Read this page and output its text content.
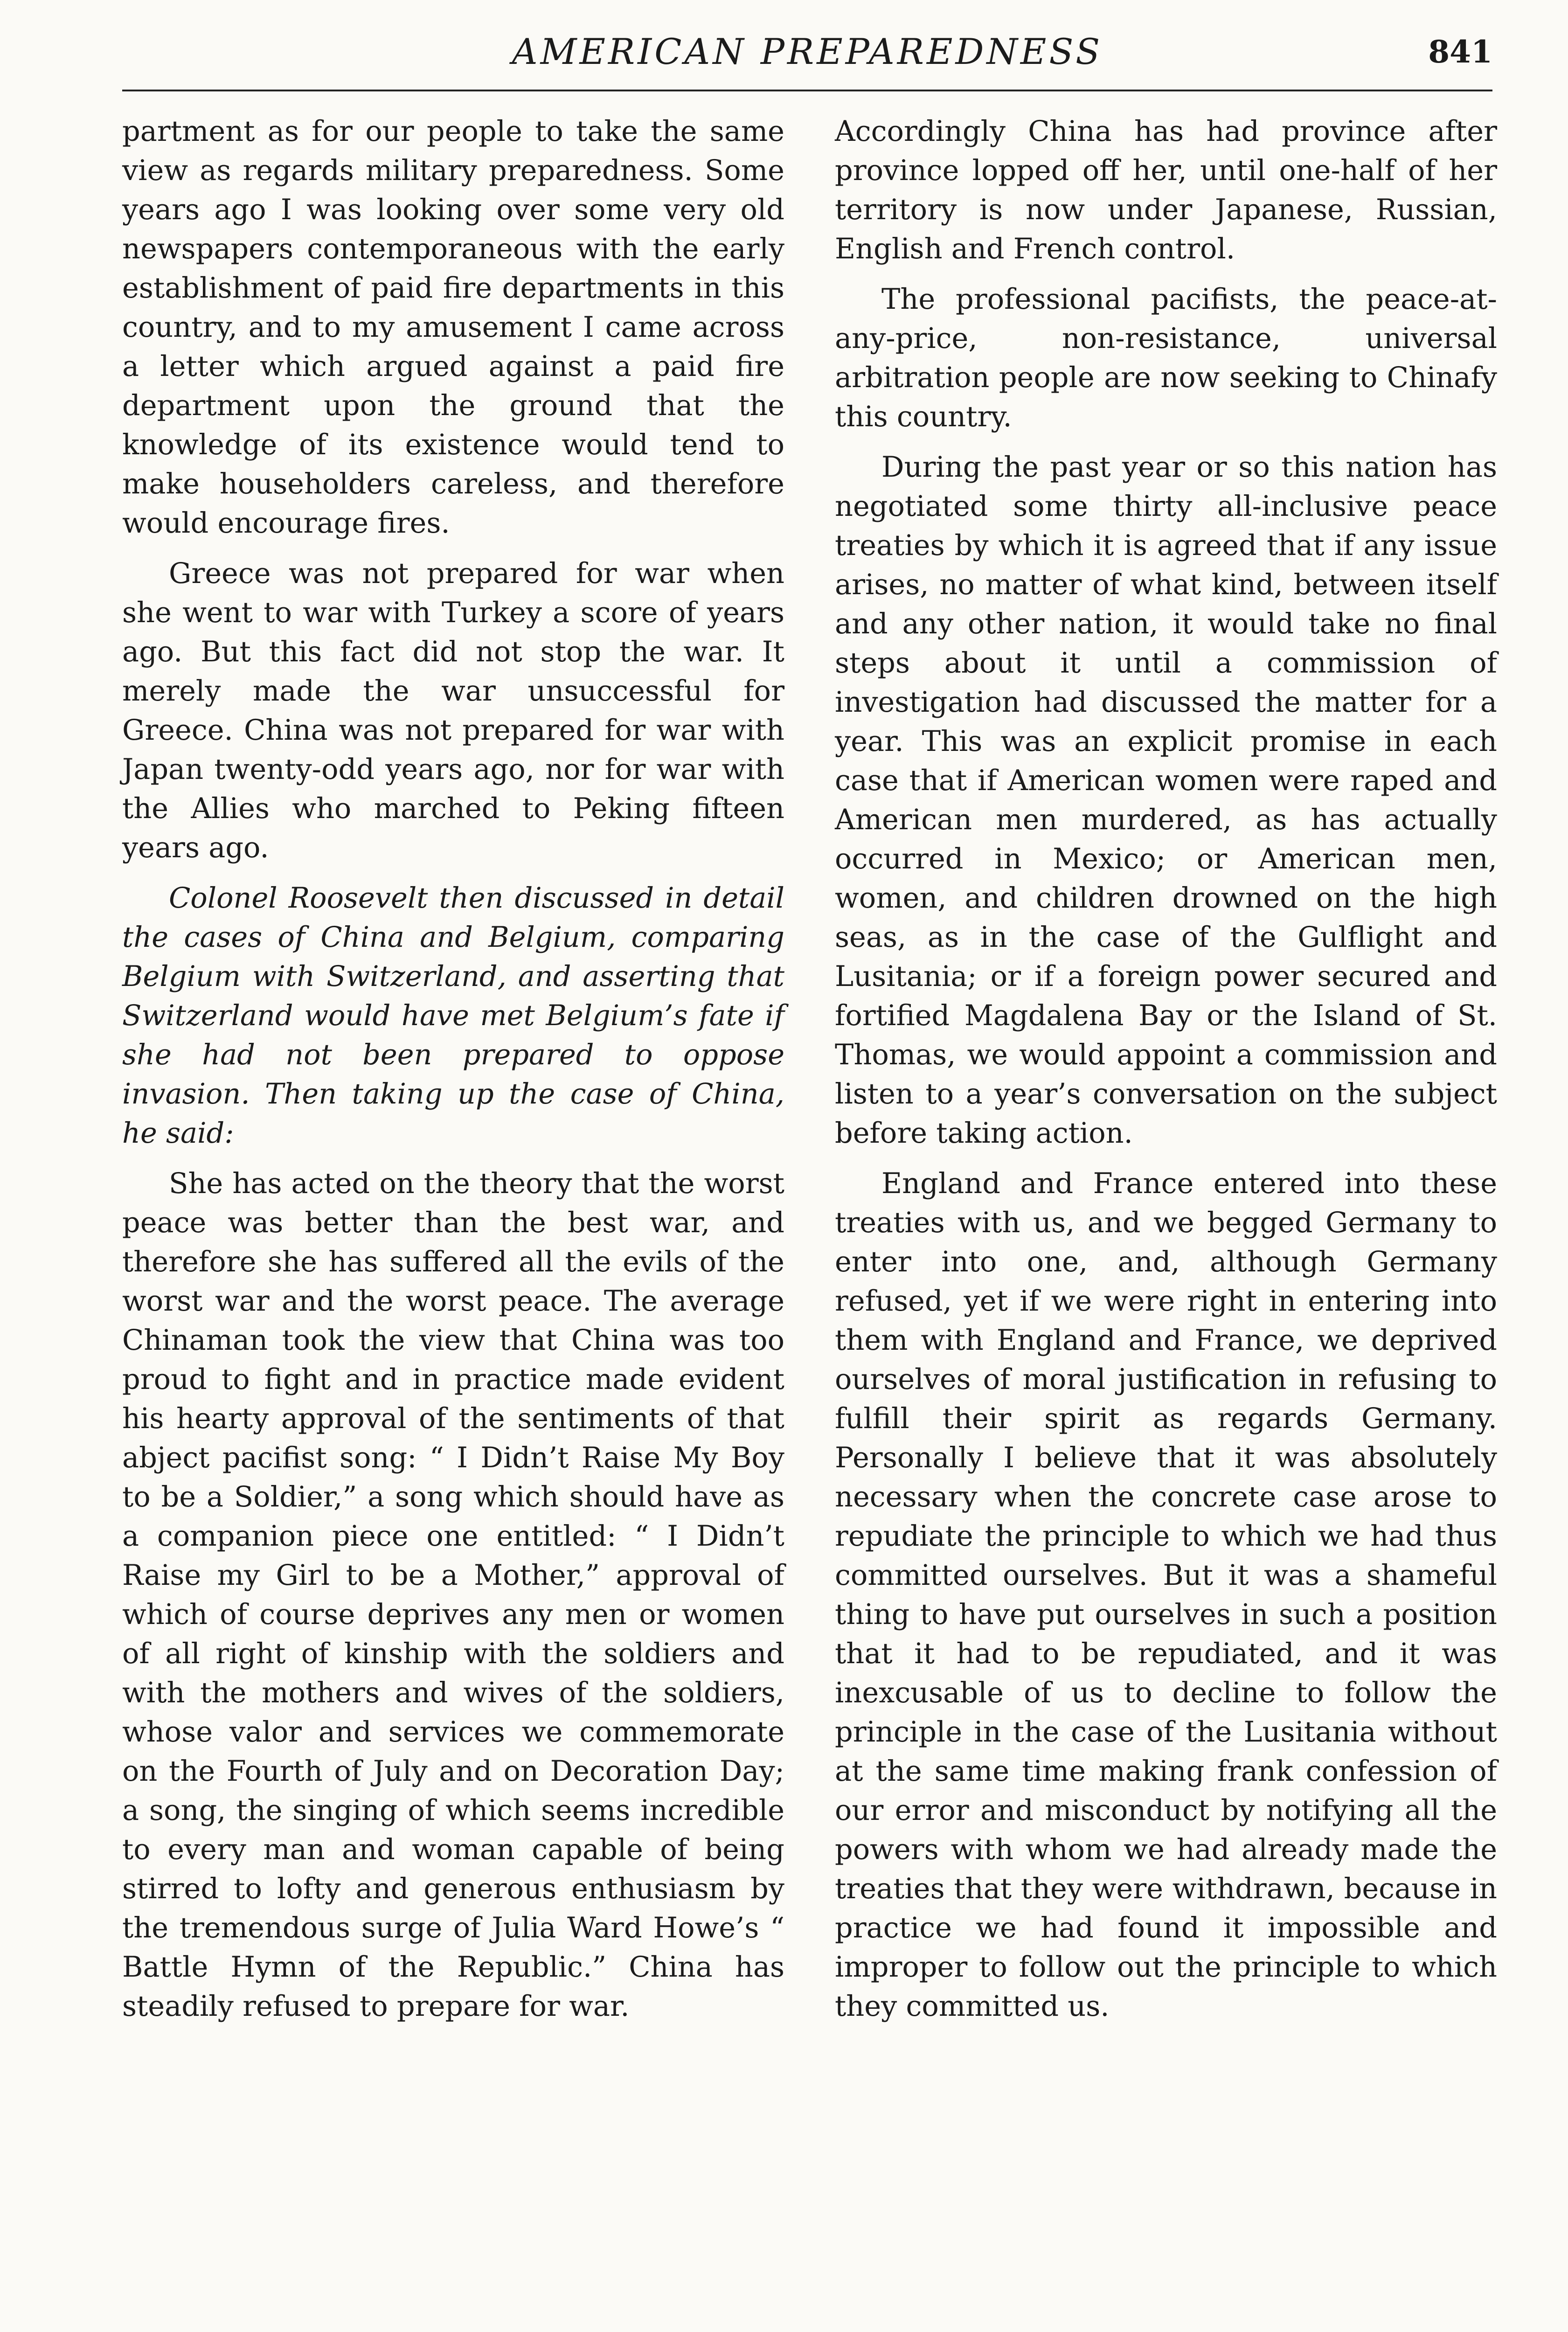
AMERICAN PREPAREDNESS	841

partment as for our people to take the same view as regards military preparedness. Some years ago I was looking over some very old newspapers contemporaneous with the early establishment of paid fire departments in this country, and to my amusement I came across a letter which argued against a paid fire department upon the ground that the knowledge of its existence would tend to make householders careless, and therefore would encourage fires.

Greece was not prepared for war when she went to war with Turkey a score of years ago. But this fact did not stop the war. It merely made the war unsuccessful for Greece. China was not prepared for war with Japan twenty-odd years ago, nor for war with the Allies who marched to Peking fifteen years ago.

Colonel Roosevelt then discussed in detail the cases of China and Belgium, comparing Belgium with Switzerland, and asserting that Switzerland would have met Belgium’s fate if she had not been prepared to oppose invasion. Then taking up the case of China, he said:

She has acted on the theory that the worst peace was better than the best war, and therefore she has suffered all the evils of the worst war and the worst peace. The average Chinaman took the view that China was too proud to fight and in practice made evident his hearty approval of the sentiments of that abject pacifist song: “ I Didn’t Raise My Boy to be a Soldier,” a song which should have as a companion piece one entitled: “ I Didn’t Raise my Girl to be a Mother,” approval of which of course deprives any men or women of all right of kinship with the soldiers and with the mothers and wives of the soldiers, whose valor and services we commemorate on the Fourth of July and on Decoration Day; a song, the singing of which seems incredible to every man and woman capable of being stirred to lofty and generous enthusiasm by the tremendous surge of Julia Ward Howe’s “ Battle Hymn of the Republic.” China has steadily refused to prepare for war.

Accordingly China has had province after province lopped off her, until one-half of her territory is now under Japanese, Russian, English and French control.

The professional pacifists, the peace-at-any-price, non-resistance, universal arbitration people are now seeking to Chinafy this country.

During the past year or so this nation has negotiated some thirty all-inclusive peace treaties by which it is agreed that if any issue arises, no matter of what kind, between itself and any other nation, it would take no final steps about it until a commission of investigation had discussed the matter for a year. This was an explicit promise in each case that if American women were raped and American men murdered, as has actually occurred in Mexico; or American men, women, and children drowned on the high seas, as in the case of the Gulflight and Lusitania; or if a foreign power secured and fortified Magdalena Bay or the Island of St. Thomas, we would appoint a commission and listen to a year’s conversation on the subject before taking action.

England and France entered into these treaties with us, and we begged Germany to enter into one, and, although Germany refused, yet if we were right in entering into them with England and France, we deprived ourselves of moral justification in refusing to fulfill their spirit as regards Germany. Personally I believe that it was absolutely necessary when the concrete case arose to repudiate the principle to which we had thus committed ourselves. But it was a shameful thing to have put ourselves in such a position that it had to be repudiated, and it was inexcusable of us to decline to follow the principle in the case of the Lusitania without at the same time making frank confession of our error and misconduct by notifying all the powers with whom we had already made the treaties that they were withdrawn, because in practice we had found it impossible and improper to follow out the principle to which they committed us.
